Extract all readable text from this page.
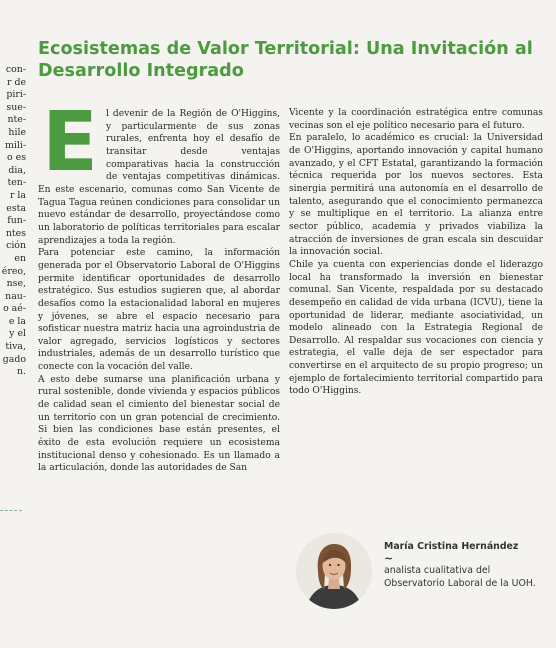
con-
r de
piri-
sue-
nte-
hile
mili-
o es
dia,
ten-
r la
esta
fun-
ntes
ción
en
éreo,
nse,
nau-
o aé-
e la
y el
tiva,
gado
n.
Ecosistemas de Valor Territorial: Una Invitación al Desarrollo Integrado

El devenir de la Región de O'Higgins, y particularmente de sus zonas rurales, enfrenta hoy el desafío de transitar desde ventajas comparativas hacia la construcción de ventajas competitivas dinámicas. En este escenario, comunas como San Vicente de Tagua Tagua reúnen condiciones para consolidar un nuevo estándar de desarrollo, proyectándose como un laboratorio de políticas territoriales para escalar aprendizajes a toda la región.

Para potenciar este camino, la información generada por el Observatorio Laboral de O'Higgins permite identificar oportunidades de desarrollo estratégico. Sus estudios sugieren que, al abordar desafíos como la estacionalidad laboral en mujeres y jóvenes, se abre el espacio necesario para sofisticar nuestra matriz hacia una agroindustria de valor agregado, servicios logísticos y sectores industriales, además de un desarrollo turístico que conecte con la vocación del valle.

A esto debe sumarse una planificación urbana y rural sostenible, donde vivienda y espacios públicos de calidad sean el cimiento del bienestar social de un territorio con un gran potencial de crecimiento. Si bien las condiciones base están presentes, el éxito de esta evolución requiere un ecosistema institucional denso y cohesionado. Es un llamado a la articulación, donde las autoridades de San

Vicente y la coordinación estratégica entre comunas vecinas son el eje político necesario para el futuro.

En paralelo, lo académico es crucial: la Universidad de O'Higgins, aportando innovación y capital humano avanzado, y el CFT Estatal, garantizando la formación técnica requerida por los nuevos sectores. Esta sinergia permitirá una autonomía en el desarrollo de talento, asegurando que el conocimiento permanezca y se multiplique en el territorio. La alianza entre sector público, academia y privados viabiliza la atracción de inversiones de gran escala sin descuidar la innovación social.

Chile ya cuenta con experiencias donde el liderazgo local ha transformado la inversión en bienestar comunal. San Vicente, respaldada por su destacado desempeño en calidad de vida urbana (ICVU), tiene la oportunidad de liderar, mediante asociatividad, un modelo alineado con la Estrategia Regional de Desarrollo. Al respaldar sus vocaciones con ciencia y estrategia, el valle deja de ser espectador para convertirse en el arquitecto de su propio progreso; un ejemplo de fortalecimiento territorial compartido para todo O'Higgins.

María Cristina Hernández
~
analista cualitativa del Observatorio Laboral de la UOH.
